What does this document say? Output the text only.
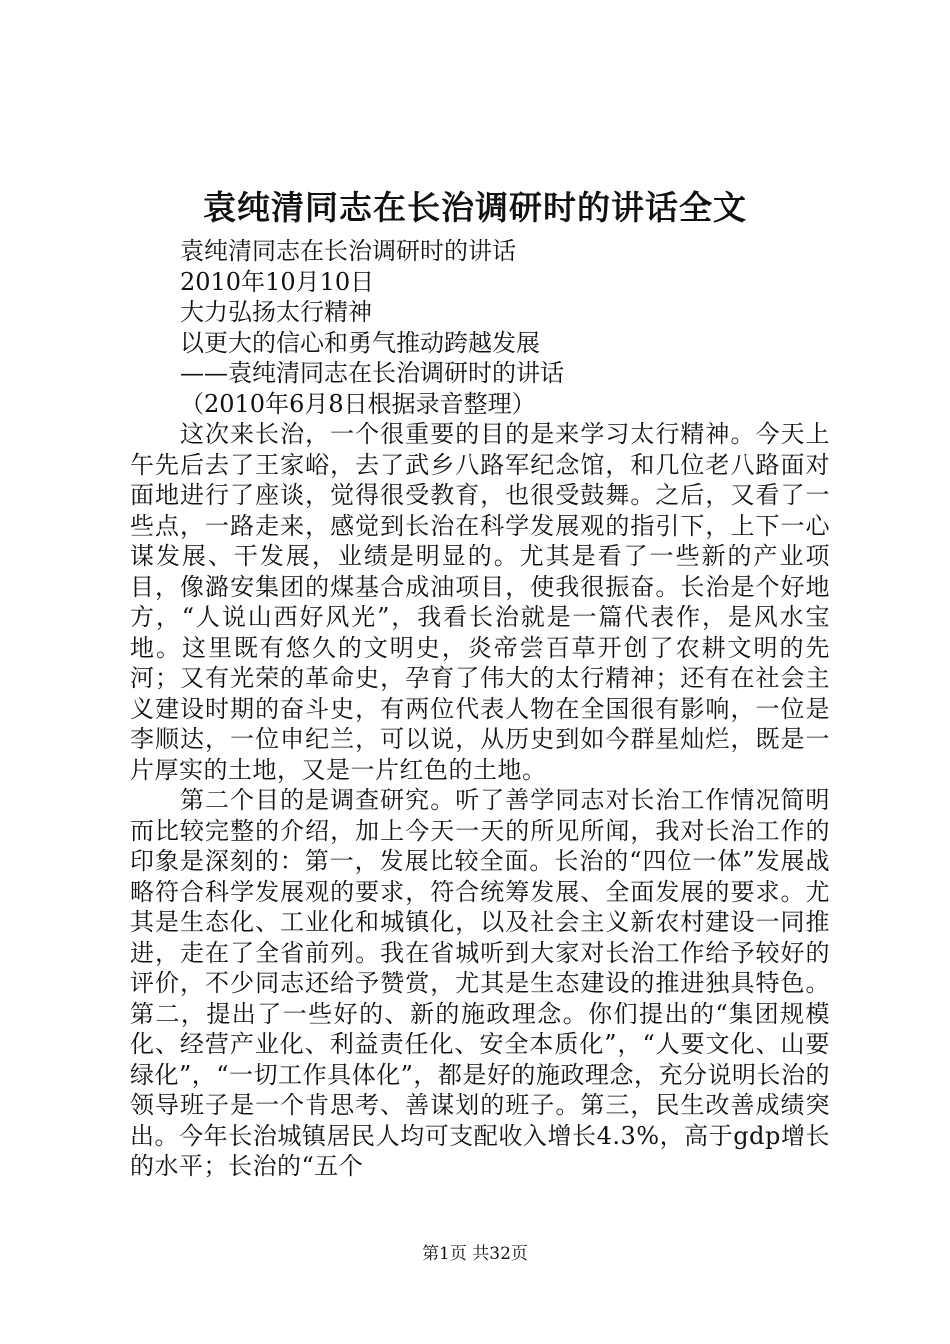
袁纯清同志在长治调研时的讲话全文

袁纯清同志在长治调研时的讲话

2010年10月10日

大力弘扬太行精神

以更大的信心和勇气推动跨越发展

——袁纯清同志在长治调研时的讲话

（2010年6月8日根据录音整理）

这次来长治，一个很重要的目的是来学习太行精神。今天上午先后去了王家峪，去了武乡八路军纪念馆，和几位老八路面对面地进行了座谈，觉得很受教育，也很受鼓舞。之后，又看了一些点，一路走来，感觉到长治在科学发展观的指引下，上下一心谋发展、干发展，业绩是明显的。尤其是看了一些新的产业项目，像潞安集团的煤基合成油项目，使我很振奋。长治是个好地方，“人说山西好风光”，我看长治就是一篇代表作，是风水宝地。这里既有悠久的文明史，炎帝尝百草开创了农耕文明的先河；又有光荣的革命史，孕育了伟大的太行精神；还有在社会主义建设时期的奋斗史，有两位代表人物在全国很有影响，一位是李顺达，一位申纪兰，可以说，从历史到如今群星灿烂，既是一片厚实的土地，又是一片红色的土地。

第二个目的是调查研究。听了善学同志对长治工作情况简明而比较完整的介绍，加上今天一天的所见所闻，我对长治工作的印象是深刻的：第一，发展比较全面。长治的“四位一体”发展战略符合科学发展观的要求，符合统筹发展、全面发展的要求。尤其是生态化、工业化和城镇化，以及社会主义新农村建设一同推进，走在了全省前列。我在省城听到大家对长治工作给予较好的评价，不少同志还给予赞赏，尤其是生态建设的推进独具特色。第二，提出了一些好的、新的施政理念。你们提出的“集团规模化、经营产业化、利益责任化、安全本质化”，“人要文化、山要绿化”，“一切工作具体化”，都是好的施政理念，充分说明长治的领导班子是一个肯思考、善谋划的班子。第三，民生改善成绩突出。今年长治城镇居民人均可支配收入增长4.3%，高于gdp增长的水平；长治的“五个

第1页 共32页
